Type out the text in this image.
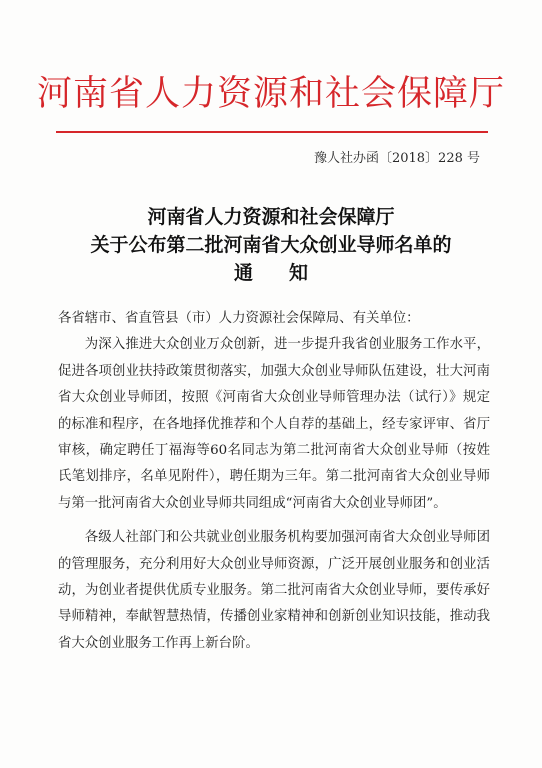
河南省人力资源和社会保障厅
豫人社办函〔2018〕228 号
河南省人力资源和社会保障厅
关于公布第二批河南省大众创业导师名单的
通知

各省辖市、省直管县（市）人力资源社会保障局、有关单位：

为深入推进大众创业万众创新，进一步提升我省创业服务工作水平，促进各项创业扶持政策贯彻落实，加强大众创业导师队伍建设，壮大河南省大众创业导师团，按照《河南省大众创业导师管理办法（试行）》规定的标准和程序，在各地择优推荐和个人自荐的基础上，经专家评审、省厅审核，确定聘任丁福海等60名同志为第二批河南省大众创业导师（按姓氏笔划排序，名单见附件），聘任期为三年。第二批河南省大众创业导师与第一批河南省大众创业导师共同组成“河南省大众创业导师团”。

各级人社部门和公共就业创业服务机构要加强河南省大众创业导师团的管理服务，充分利用好大众创业导师资源，广泛开展创业服务和创业活动，为创业者提供优质专业服务。第二批河南省大众创业导师，要传承好导师精神，奉献智慧热情，传播创业家精神和创新创业知识技能，推动我省大众创业服务工作再上新台阶。
